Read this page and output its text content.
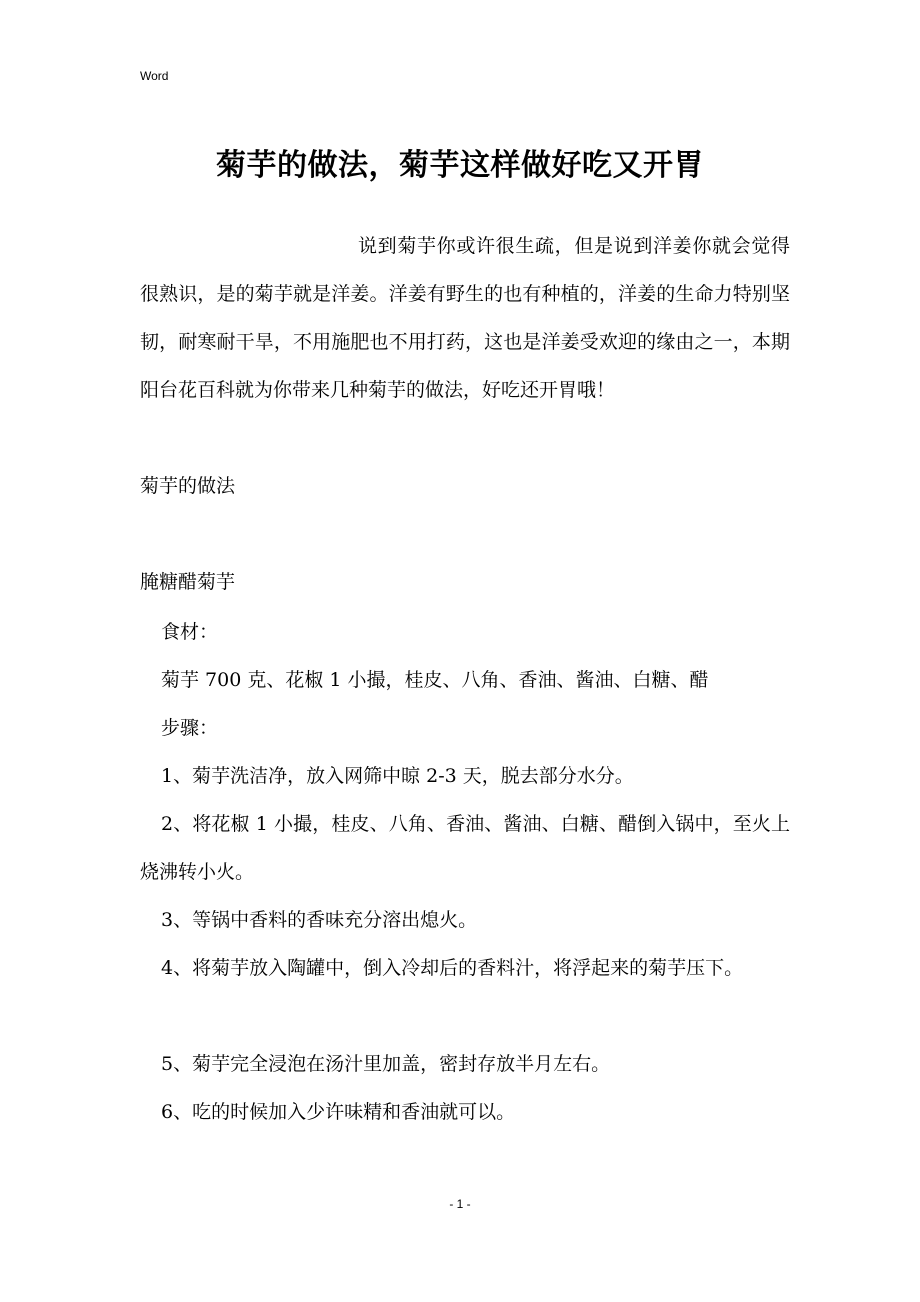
Word
菊芋的做法，菊芋这样做好吃又开胃
说到菊芋你或许很生疏，但是说到洋姜你就会觉得很熟识，是的菊芋就是洋姜。洋姜有野生的也有种植的，洋姜的生命力特别坚韧，耐寒耐干旱，不用施肥也不用打药，这也是洋姜受欢迎的缘由之一，本期阳台花百科就为你带来几种菊芋的做法，好吃还开胃哦！
菊芋的做法
腌糖醋菊芋
食材：
菊芋 700 克、花椒 1 小撮，桂皮、八角、香油、酱油、白糖、醋
步骤：
1、菊芋洗洁净，放入网筛中晾 2-3 天，脱去部分水分。
2、将花椒 1 小撮，桂皮、八角、香油、酱油、白糖、醋倒入锅中，至火上烧沸转小火。
3、等锅中香料的香味充分溶出熄火。
4、将菊芋放入陶罐中，倒入冷却后的香料汁，将浮起来的菊芋压下。
5、菊芋完全浸泡在汤汁里加盖，密封存放半月左右。
6、吃的时候加入少许味精和香油就可以。
- 1 -
